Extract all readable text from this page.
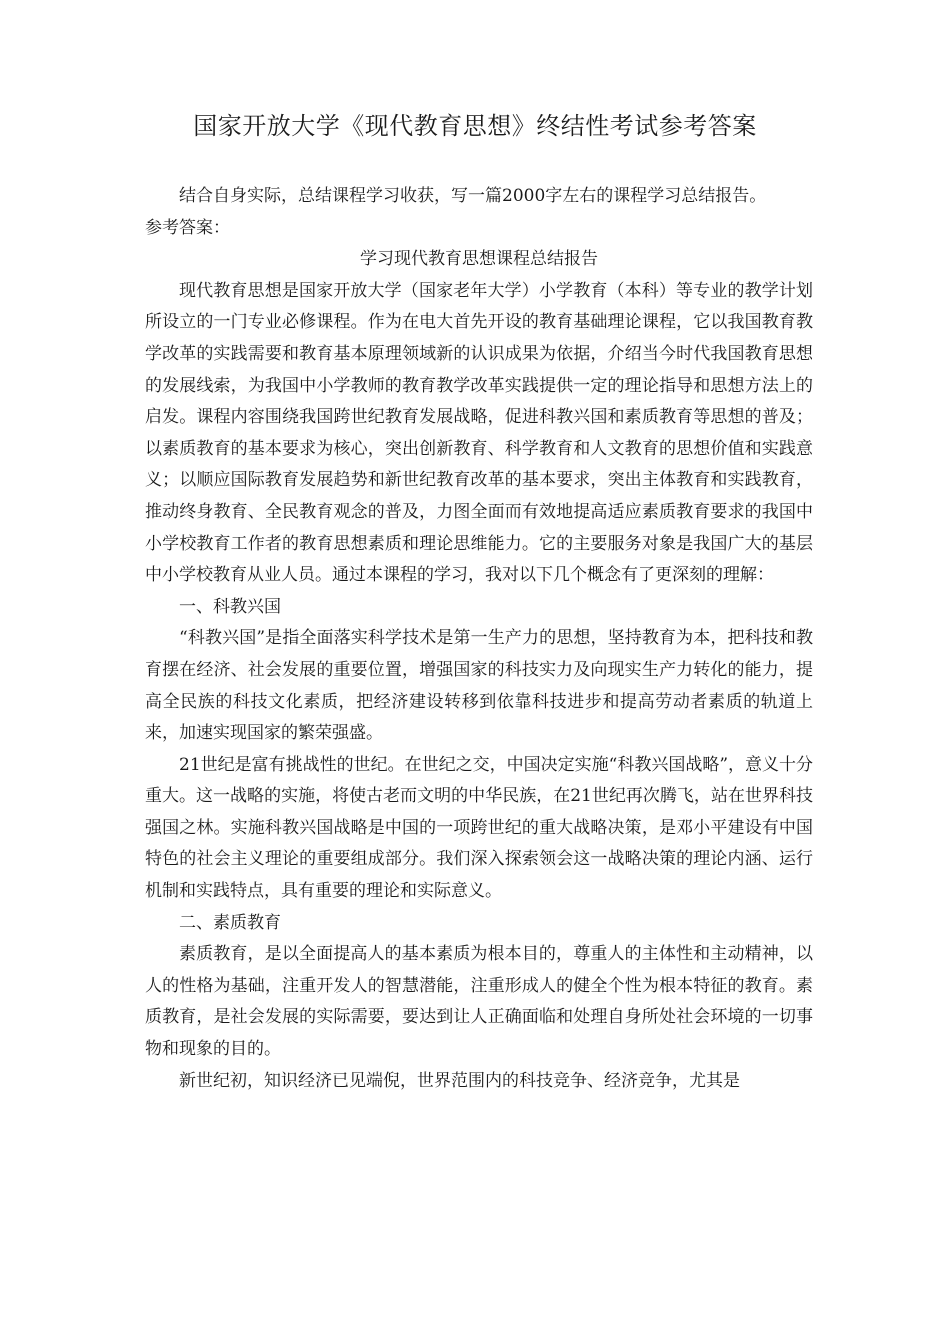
国家开放大学《现代教育思想》终结性考试参考答案

结合自身实际，总结课程学习收获，写一篇2000字左右的课程学习总结报告。

参考答案：

学习现代教育思想课程总结报告

现代教育思想是国家开放大学（国家老年大学）小学教育（本科）等专业的教学计划所设立的一门专业必修课程。作为在电大首先开设的教育基础理论课程，它以我国教育教学改革的实践需要和教育基本原理领域新的认识成果为依据，介绍当今时代我国教育思想的发展线索，为我国中小学教师的教育教学改革实践提供一定的理论指导和思想方法上的启发。课程内容围绕我国跨世纪教育发展战略，促进科教兴国和素质教育等思想的普及；以素质教育的基本要求为核心，突出创新教育、科学教育和人文教育的思想价值和实践意义；以顺应国际教育发展趋势和新世纪教育改革的基本要求，突出主体教育和实践教育，推动终身教育、全民教育观念的普及，力图全面而有效地提高适应素质教育要求的我国中小学校教育工作者的教育思想素质和理论思维能力。它的主要服务对象是我国广大的基层中小学校教育从业人员。通过本课程的学习，我对以下几个概念有了更深刻的理解：

一、科教兴国

“科教兴国”是指全面落实科学技术是第一生产力的思想，坚持教育为本，把科技和教育摆在经济、社会发展的重要位置，增强国家的科技实力及向现实生产力转化的能力，提高全民族的科技文化素质，把经济建设转移到依靠科技进步和提高劳动者素质的轨道上来，加速实现国家的繁荣强盛。

21世纪是富有挑战性的世纪。在世纪之交，中国决定实施“科教兴国战略”，意义十分重大。这一战略的实施，将使古老而文明的中华民族，在21世纪再次腾飞，站在世界科技强国之林。实施科教兴国战略是中国的一项跨世纪的重大战略决策，是邓小平建设有中国特色的社会主义理论的重要组成部分。我们深入探索领会这一战略决策的理论内涵、运行机制和实践特点，具有重要的理论和实际意义。

二、素质教育

素质教育，是以全面提高人的基本素质为根本目的，尊重人的主体性和主动精神，以人的性格为基础，注重开发人的智慧潜能，注重形成人的健全个性为根本特征的教育。素质教育，是社会发展的实际需要，要达到让人正确面临和处理自身所处社会环境的一切事物和现象的目的。

新世纪初，知识经济已见端倪，世界范围内的科技竞争、经济竞争，尤其是
